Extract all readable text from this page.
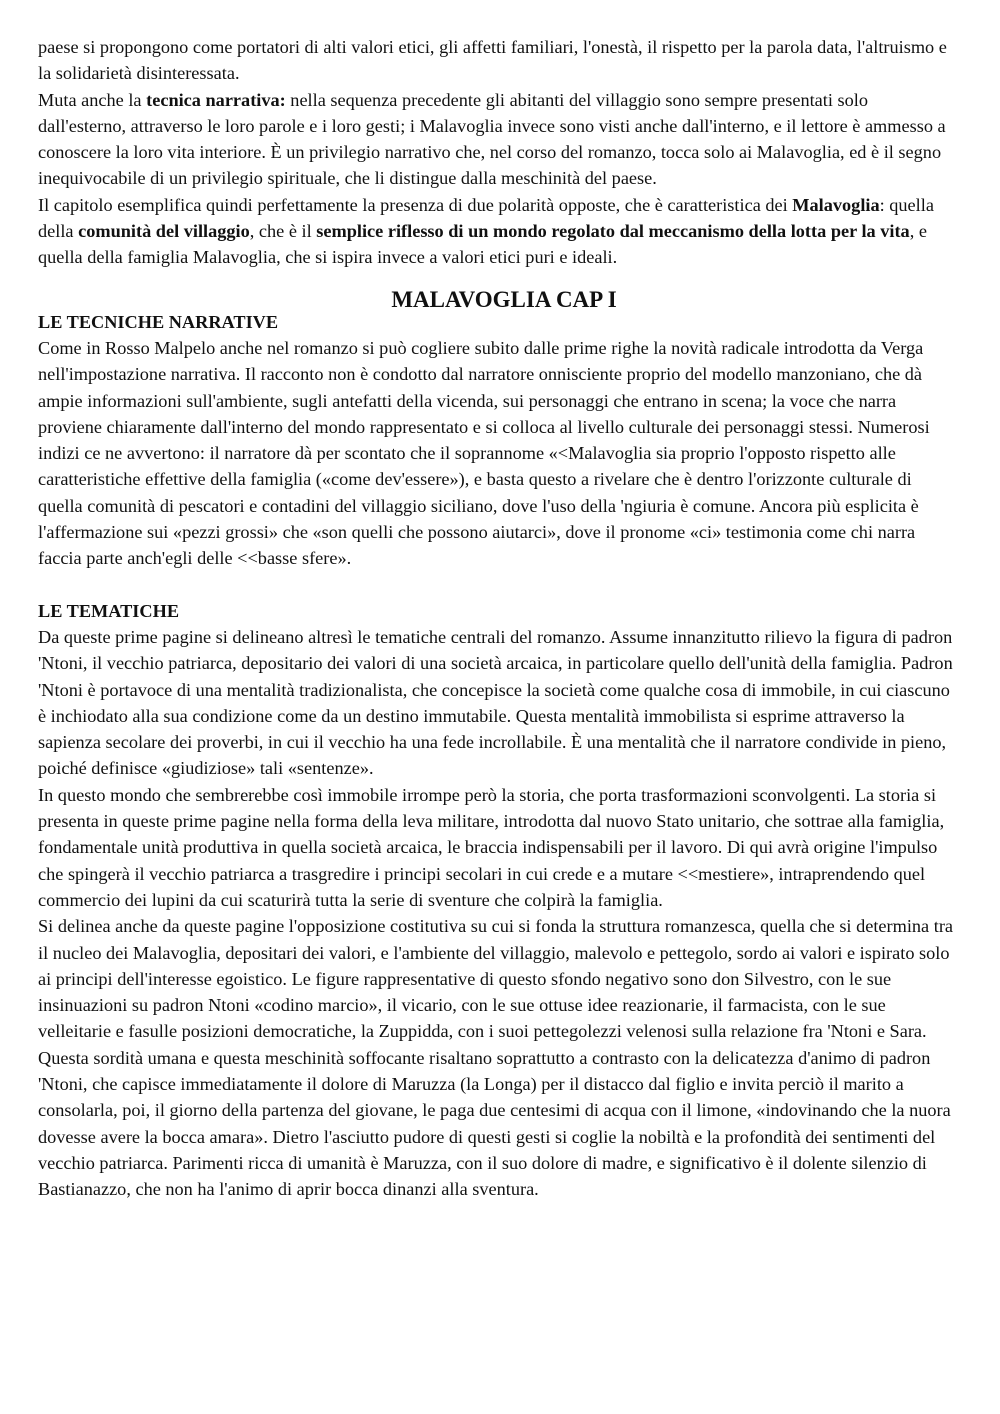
paese si propongono come portatori di alti valori etici, gli affetti familiari, l'onestà, il rispetto per la parola data, l'altruismo e la solidarietà disinteressata.

Muta anche la tecnica narrativa: nella sequenza precedente gli abitanti del villaggio sono sempre presentati solo dall'esterno, attraverso le loro parole e i loro gesti; i Malavoglia invece sono visti anche dall'interno, e il lettore è ammesso a conoscere la loro vita interiore. È un privilegio narrativo che, nel corso del romanzo, tocca solo ai Malavoglia, ed è il segno inequivocabile di un privilegio spirituale, che li distingue dalla meschinità del paese.

Il capitolo esemplifica quindi perfettamente la presenza di due polarità opposte, che è caratteristica dei Malavoglia: quella della comunità del villaggio, che è il semplice riflesso di un mondo regolato dal meccanismo della lotta per la vita, e quella della famiglia Malavoglia, che si ispira invece a valori etici puri e ideali.

MALAVOGLIA CAP I

LE TECNICHE NARRATIVE

Come in Rosso Malpelo anche nel romanzo si può cogliere subito dalle prime righe la novità radicale introdotta da Verga nell'impostazione narrativa. Il racconto non è condotto dal narratore onnisciente proprio del modello manzoniano, che dà ampie informazioni sull'ambiente, sugli antefatti della vicenda, sui personaggi che entrano in scena; la voce che narra proviene chiaramente dall'interno del mondo rappresentato e si colloca al livello culturale dei personaggi stessi. Numerosi indizi ce ne avvertono: il narratore dà per scontato che il soprannome «<Malavoglia sia proprio l'opposto rispetto alle caratteristiche effettive della famiglia («come dev'essere»), e basta questo a rivelare che è dentro l'orizzonte culturale di quella comunità di pescatori e contadini del villaggio siciliano, dove l'uso della 'ngiuria è comune. Ancora più esplicita è l'affermazione sui «pezzi grossi» che «son quelli che possono aiutarci», dove il pronome «ci» testimonia come chi narra faccia parte anch'egli delle <<basse sfere».

LE TEMATICHE

Da queste prime pagine si delineano altresì le tematiche centrali del romanzo. Assume innanzitutto rilievo la figura di padron 'Ntoni, il vecchio patriarca, depositario dei valori di una società arcaica, in particolare quello dell'unità della famiglia. Padron 'Ntoni è portavoce di una mentalità tradizionalista, che concepisce la società come qualche cosa di immobile, in cui ciascuno è inchiodato alla sua condizione come da un destino immutabile. Questa mentalità immobilista si esprime attraverso la sapienza secolare dei proverbi, in cui il vecchio ha una fede incrollabile. È una mentalità che il narratore condivide in pieno, poiché definisce «giudiziose» tali «sentenze».

In questo mondo che sembrerebbe così immobile irrompe però la storia, che porta trasformazioni sconvolgenti. La storia si presenta in queste prime pagine nella forma della leva militare, introdotta dal nuovo Stato unitario, che sottrae alla famiglia, fondamentale unità produttiva in quella società arcaica, le braccia indispensabili per il lavoro. Di qui avrà origine l'impulso che spingerà il vecchio patriarca a trasgredire i principi secolari in cui crede e a mutare <<mestiere», intraprendendo quel commercio dei lupini da cui scaturirà tutta la serie di sventure che colpirà la famiglia.

Si delinea anche da queste pagine l'opposizione costitutiva su cui si fonda la struttura romanzesca, quella che si determina tra il nucleo dei Malavoglia, depositari dei valori, e l'ambiente del villaggio, malevolo e pettegolo, sordo ai valori e ispirato solo ai principi dell'interesse egoistico. Le figure rappresentative di questo sfondo negativo sono don Silvestro, con le sue insinuazioni su padron Ntoni «codino marcio», il vicario, con le sue ottuse idee reazionarie, il farmacista, con le sue velleitarie e fasulle posizioni democratiche, la Zuppidda, con i suoi pettegolezzi velenosi sulla relazione fra 'Ntoni e Sara.

Questa sordità umana e questa meschinità soffocante risaltano soprattutto a contrasto con la delicatezza d'animo di padron 'Ntoni, che capisce immediatamente il dolore di Maruzza (la Longa) per il distacco dal figlio e invita perciò il marito a consolarla, poi, il giorno della partenza del giovane, le paga due centesimi di acqua con il limone, «indovinando che la nuora dovesse avere la bocca amara». Dietro l'asciutto pudore di questi gesti si coglie la nobiltà e la profondità dei sentimenti del vecchio patriarca. Parimenti ricca di umanità è Maruzza, con il suo dolore di madre, e significativo è il dolente silenzio di Bastianazzo, che non ha l'animo di aprir bocca dinanzi alla sventura.
